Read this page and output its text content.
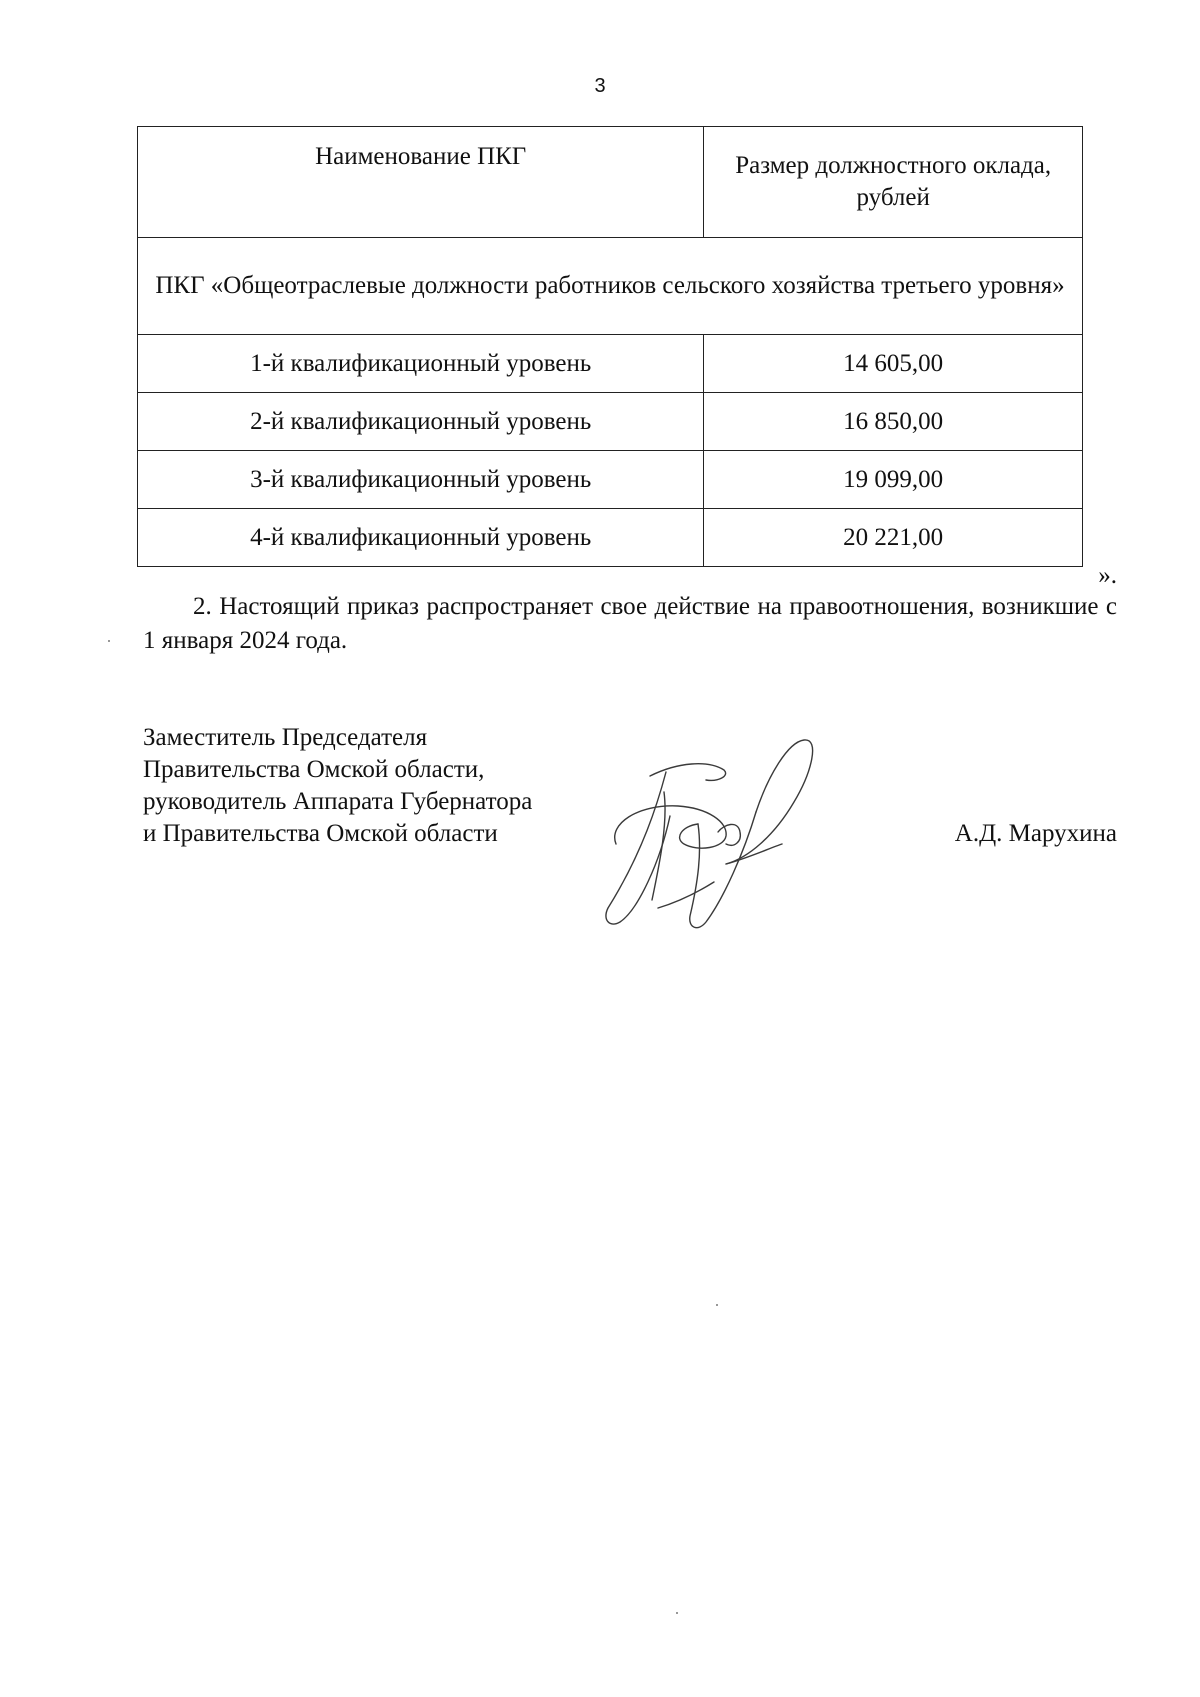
3
Наименование ПКГ	Размер должностного оклада, рублей
ПКГ «Общеотраслевые должности работников сельского хозяйства третьего уровня»	
1-й квалификационный уровень	14 605,00
2-й квалификационный уровень	16 850,00
3-й квалификационный уровень	19 099,00
4-й квалификационный уровень	20 221,00
».

2. Настоящий приказ распространяет свое действие на правоотношения, возникшие с 1 января 2024 года.

Заместитель Председателя
Правительства Омской области,
руководитель Аппарата Губернатора
и Правительства Омской области	А.Д. Марухина
